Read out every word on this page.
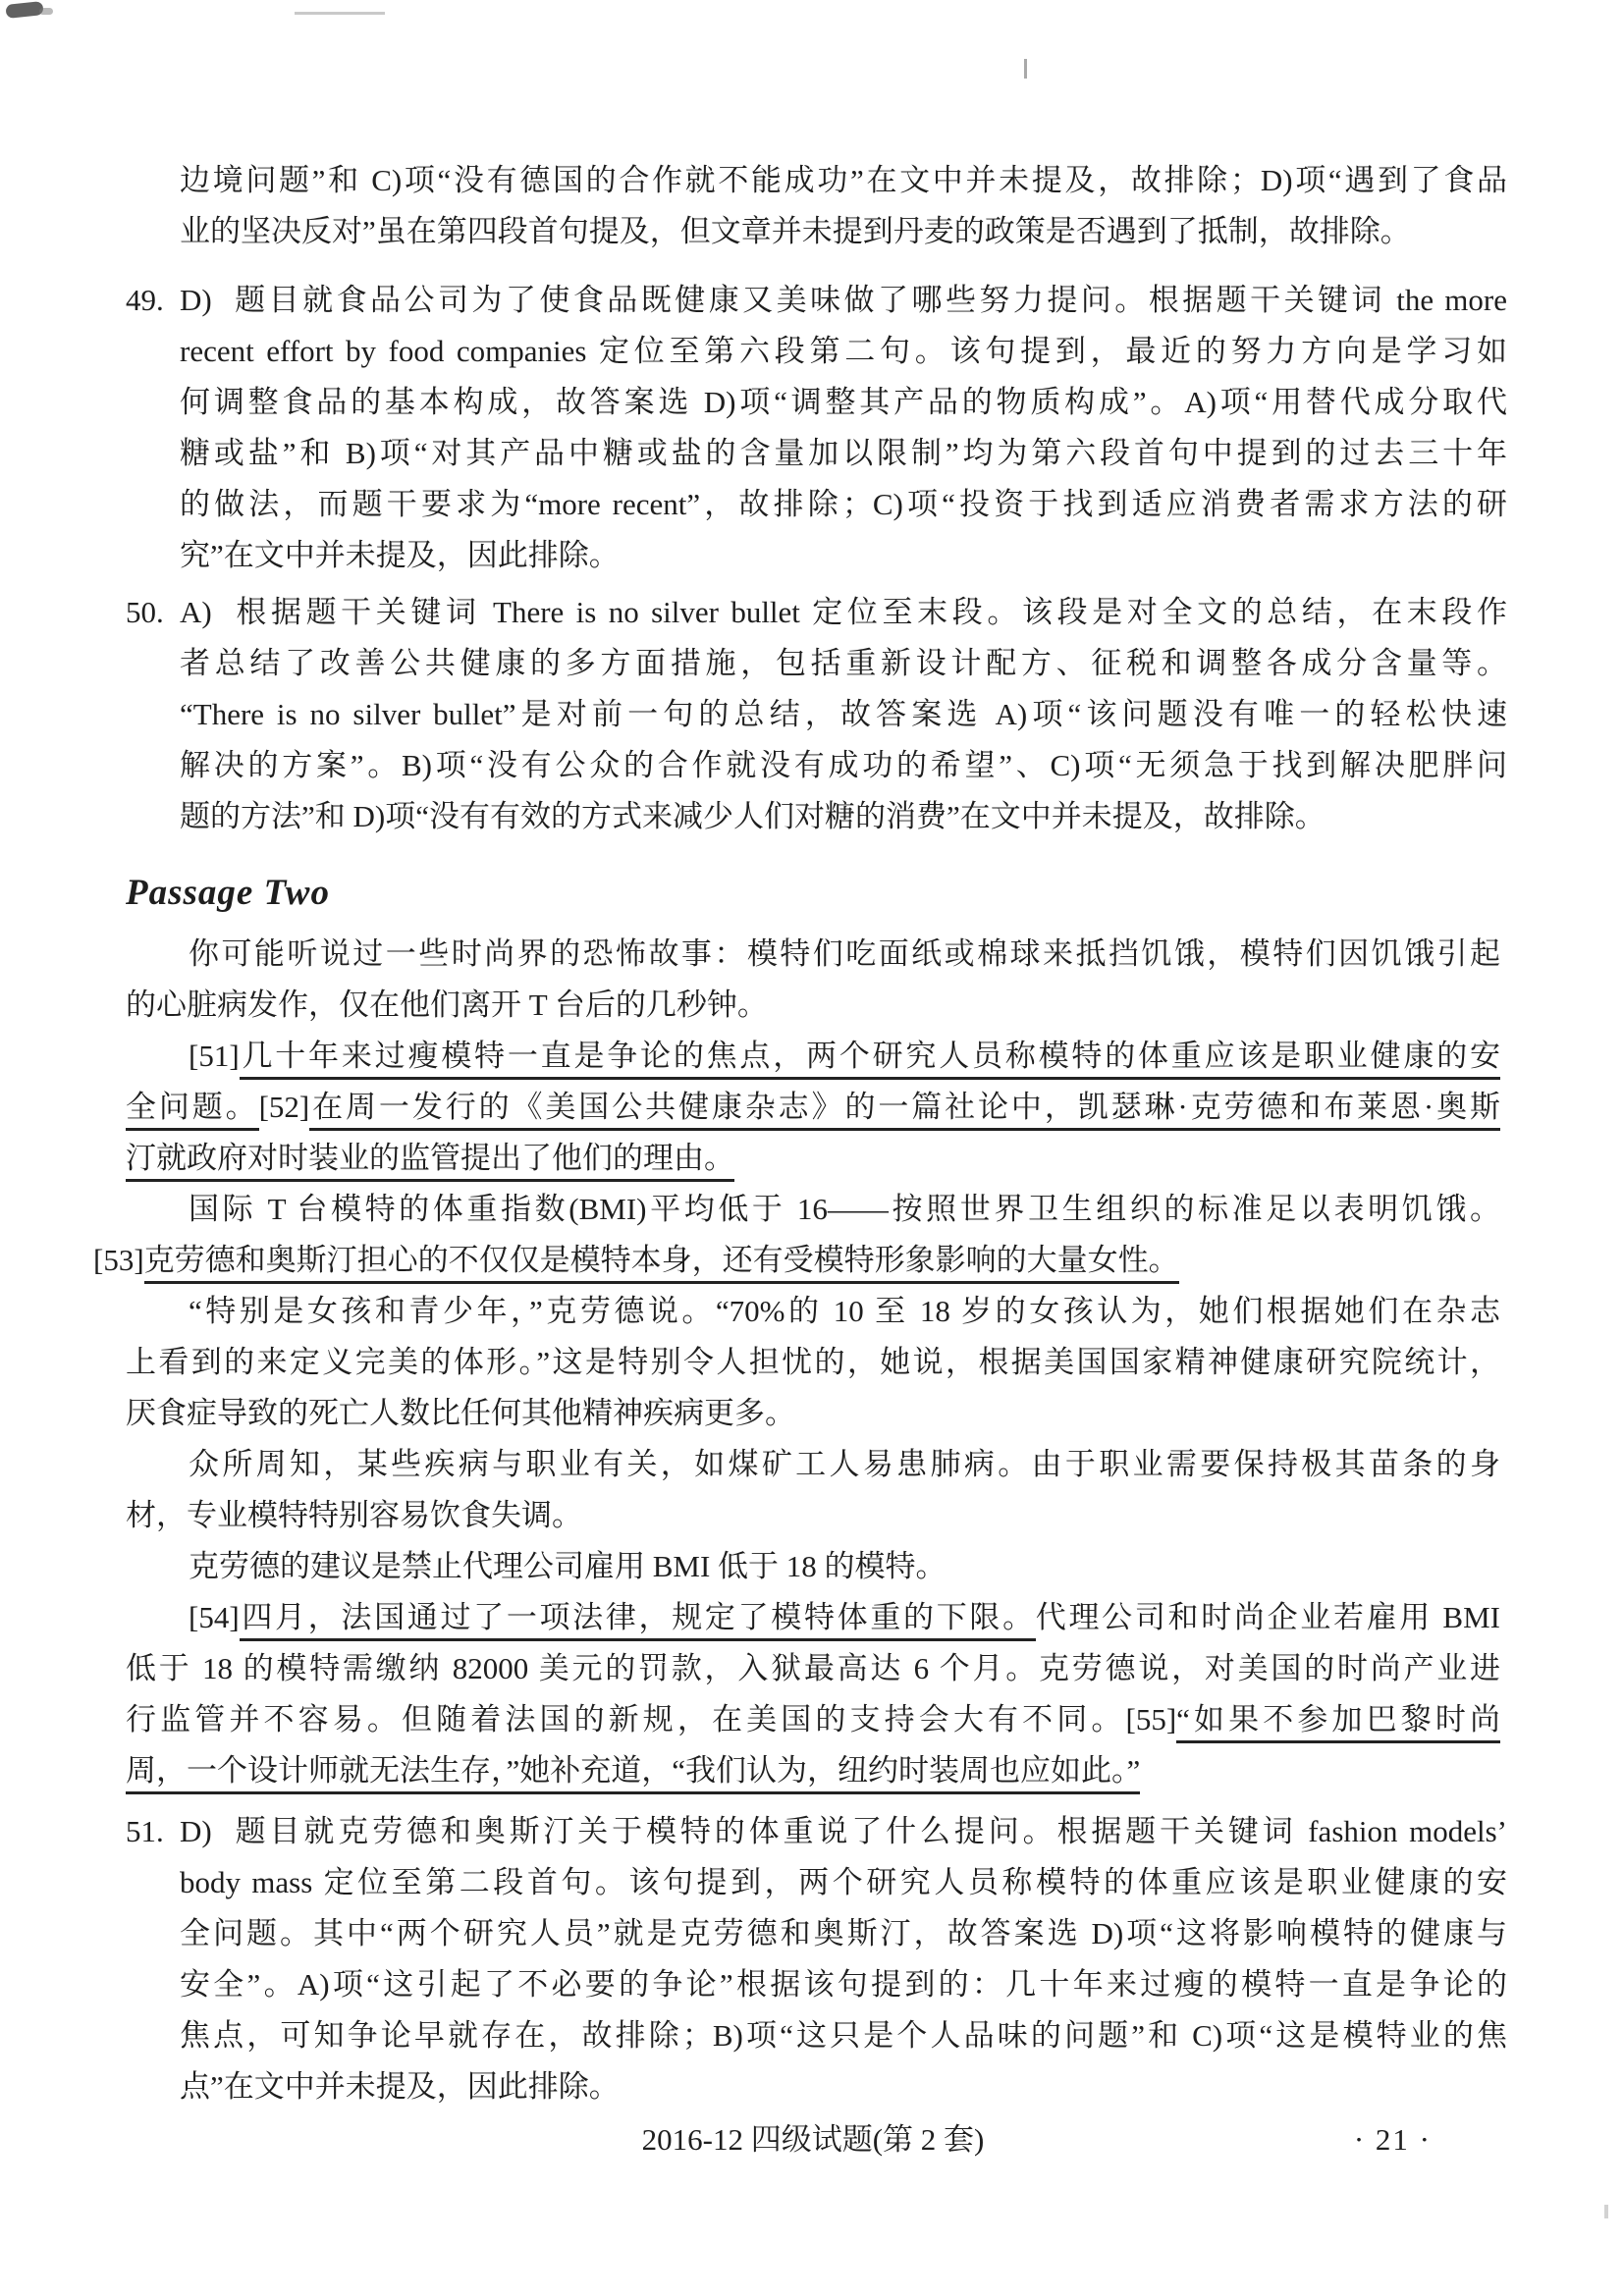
边境问题”和 C)项“没有德国的合作就不能成功”在文中并未提及，故排除；D)项“遇到了食品
业的坚决反对”虽在第四段首句提及，但文章并未提到丹麦的政策是否遇到了抵制，故排除。
49. D) 题目就食品公司为了使食品既健康又美味做了哪些努力提问。根据题干关键词 the more
recent effort by food companies 定位至第六段第二句。该句提到，最近的努力方向是学习如
何调整食品的基本构成，故答案选 D)项“调整其产品的物质构成”。A)项“用替代成分取代
糖或盐”和 B)项“对其产品中糖或盐的含量加以限制”均为第六段首句中提到的过去三十年
的做法，而题干要求为“more recent”，故排除；C)项“投资于找到适应消费者需求方法的研
究”在文中并未提及，因此排除。
50. A) 根据题干关键词 There is no silver bullet 定位至末段。该段是对全文的总结，在末段作
者总结了改善公共健康的多方面措施，包括重新设计配方、征税和调整各成分含量等。
“There is no silver bullet”是对前一句的总结，故答案选 A)项“该问题没有唯一的轻松快速
解决的方案”。B)项“没有公众的合作就没有成功的希望”、C)项“无须急于找到解决肥胖问
题的方法”和 D)项“没有有效的方式来减少人们对糖的消费”在文中并未提及，故排除。
Passage Two
你可能听说过一些时尚界的恐怖故事：模特们吃面纸或棉球来抵挡饥饿，模特们因饥饿引起
的心脏病发作，仅在他们离开 T 台后的几秒钟。
[51]几十年来过瘦模特一直是争论的焦点，两个研究人员称模特的体重应该是职业健康的安
全问题。[52]在周一发行的《美国公共健康杂志》的一篇社论中，凯瑟琳·克劳德和布莱恩·奥斯
汀就政府对时装业的监管提出了他们的理由。
国际 T 台模特的体重指数(BMI)平均低于 16——按照世界卫生组织的标准足以表明饥饿。
[53]克劳德和奥斯汀担心的不仅仅是模特本身，还有受模特形象影响的大量女性。
“特别是女孩和青少年，”克劳德说。“70%的 10 至 18 岁的女孩认为，她们根据她们在杂志
上看到的来定义完美的体形。”这是特别令人担忧的，她说，根据美国国家精神健康研究院统计，
厌食症导致的死亡人数比任何其他精神疾病更多。
众所周知，某些疾病与职业有关，如煤矿工人易患肺病。由于职业需要保持极其苗条的身
材，专业模特特别容易饮食失调。
克劳德的建议是禁止代理公司雇用 BMI 低于 18 的模特。
[54]四月，法国通过了一项法律，规定了模特体重的下限。代理公司和时尚企业若雇用 BMI
低于 18 的模特需缴纳 82000 美元的罚款，入狱最高达 6 个月。克劳德说，对美国的时尚产业进
行监管并不容易。但随着法国的新规，在美国的支持会大有不同。[55]“如果不参加巴黎时尚
周，一个设计师就无法生存，”她补充道，“我们认为，纽约时装周也应如此。”
51. D) 题目就克劳德和奥斯汀关于模特的体重说了什么提问。根据题干关键词 fashion models’
body mass 定位至第二段首句。该句提到，两个研究人员称模特的体重应该是职业健康的安
全问题。其中“两个研究人员”就是克劳德和奥斯汀，故答案选 D)项“这将影响模特的健康与
安全”。A)项“这引起了不必要的争论”根据该句提到的：几十年来过瘦的模特一直是争论的
焦点，可知争论早就存在，故排除；B)项“这只是个人品味的问题”和 C)项“这是模特业的焦
点”在文中并未提及，因此排除。
2016-12 四级试题(第 2 套)	· 21 ·
